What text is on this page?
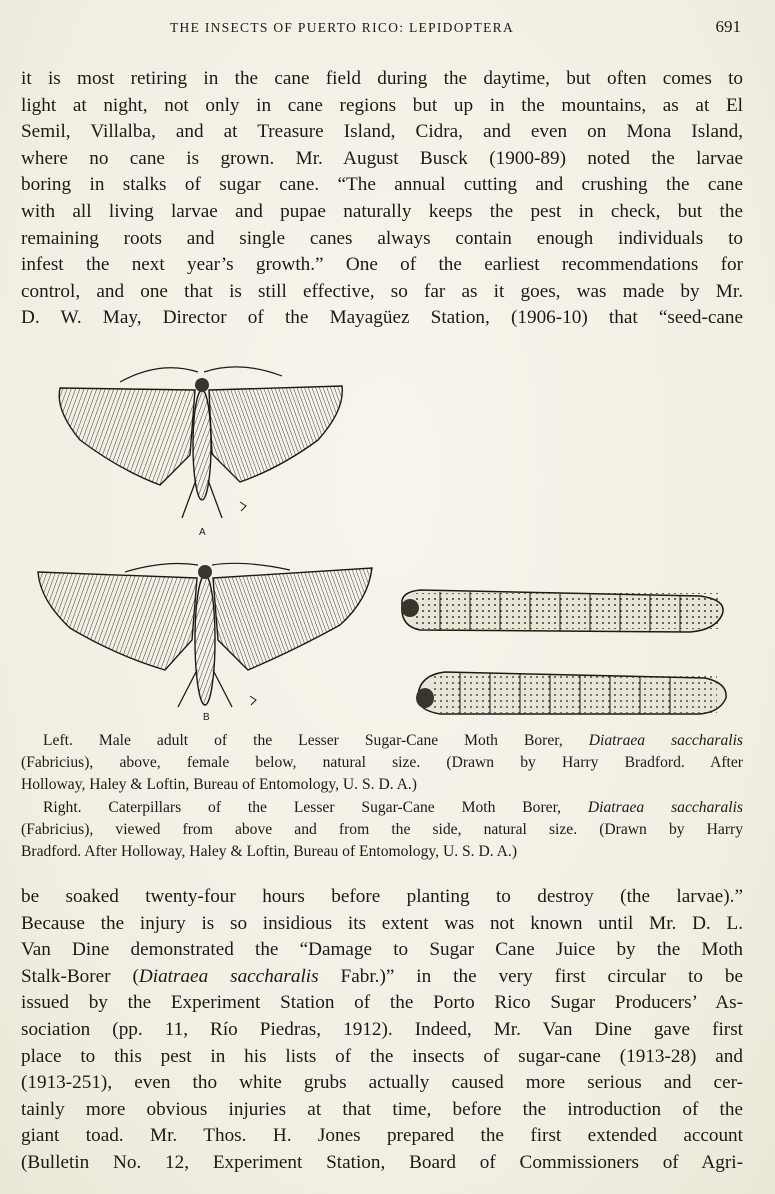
THE INSECTS OF PUERTO RICO: LEPIDOPTERA	691
it is most retiring in the cane field during the daytime, but often comes to
light at night, not only in cane regions but up in the mountains, as at El
Semil, Villalba, and at Treasure Island, Cidra, and even on Mona Island,
where no cane is grown. Mr. August Busck (1900-89) noted the larvae
boring in stalks of sugar cane. “The annual cutting and crushing the cane
with all living larvae and pupae naturally keeps the pest in check, but the
remaining roots and single canes always contain enough individuals to
infest the next year’s growth.” One of the earliest recommendations for
control, and one that is still effective, so far as it goes, was made by Mr.
D. W. May, Director of the Mayagüez Station, (1906-10) that “seed-cane
A
B
Left. Male adult of the Lesser Sugar-Cane Moth Borer, Diatraea saccharalis
(Fabricius), above, female below, natural size. (Drawn by Harry Bradford. After
Holloway, Haley & Loftin, Bureau of Entomology, U. S. D. A.)
Right. Caterpillars of the Lesser Sugar-Cane Moth Borer, Diatraea saccharalis
(Fabricius), viewed from above and from the side, natural size. (Drawn by Harry
Bradford. After Holloway, Haley & Loftin, Bureau of Entomology, U. S. D. A.)
be soaked twenty-four hours before planting to destroy (the larvae).”
Because the injury is so insidious its extent was not known until Mr. D. L.
Van Dine demonstrated the “Damage to Sugar Cane Juice by the Moth
Stalk-Borer (Diatraea saccharalis Fabr.)” in the very first circular to be
issued by the Experiment Station of the Porto Rico Sugar Producers’ As-
sociation (pp. 11, Río Piedras, 1912). Indeed, Mr. Van Dine gave first
place to this pest in his lists of the insects of sugar-cane (1913-28) and
(1913-251), even tho white grubs actually caused more serious and cer-
tainly more obvious injuries at that time, before the introduction of the
giant toad. Mr. Thos. H. Jones prepared the first extended account
(Bulletin No. 12, Experiment Station, Board of Commissioners of Agri-
